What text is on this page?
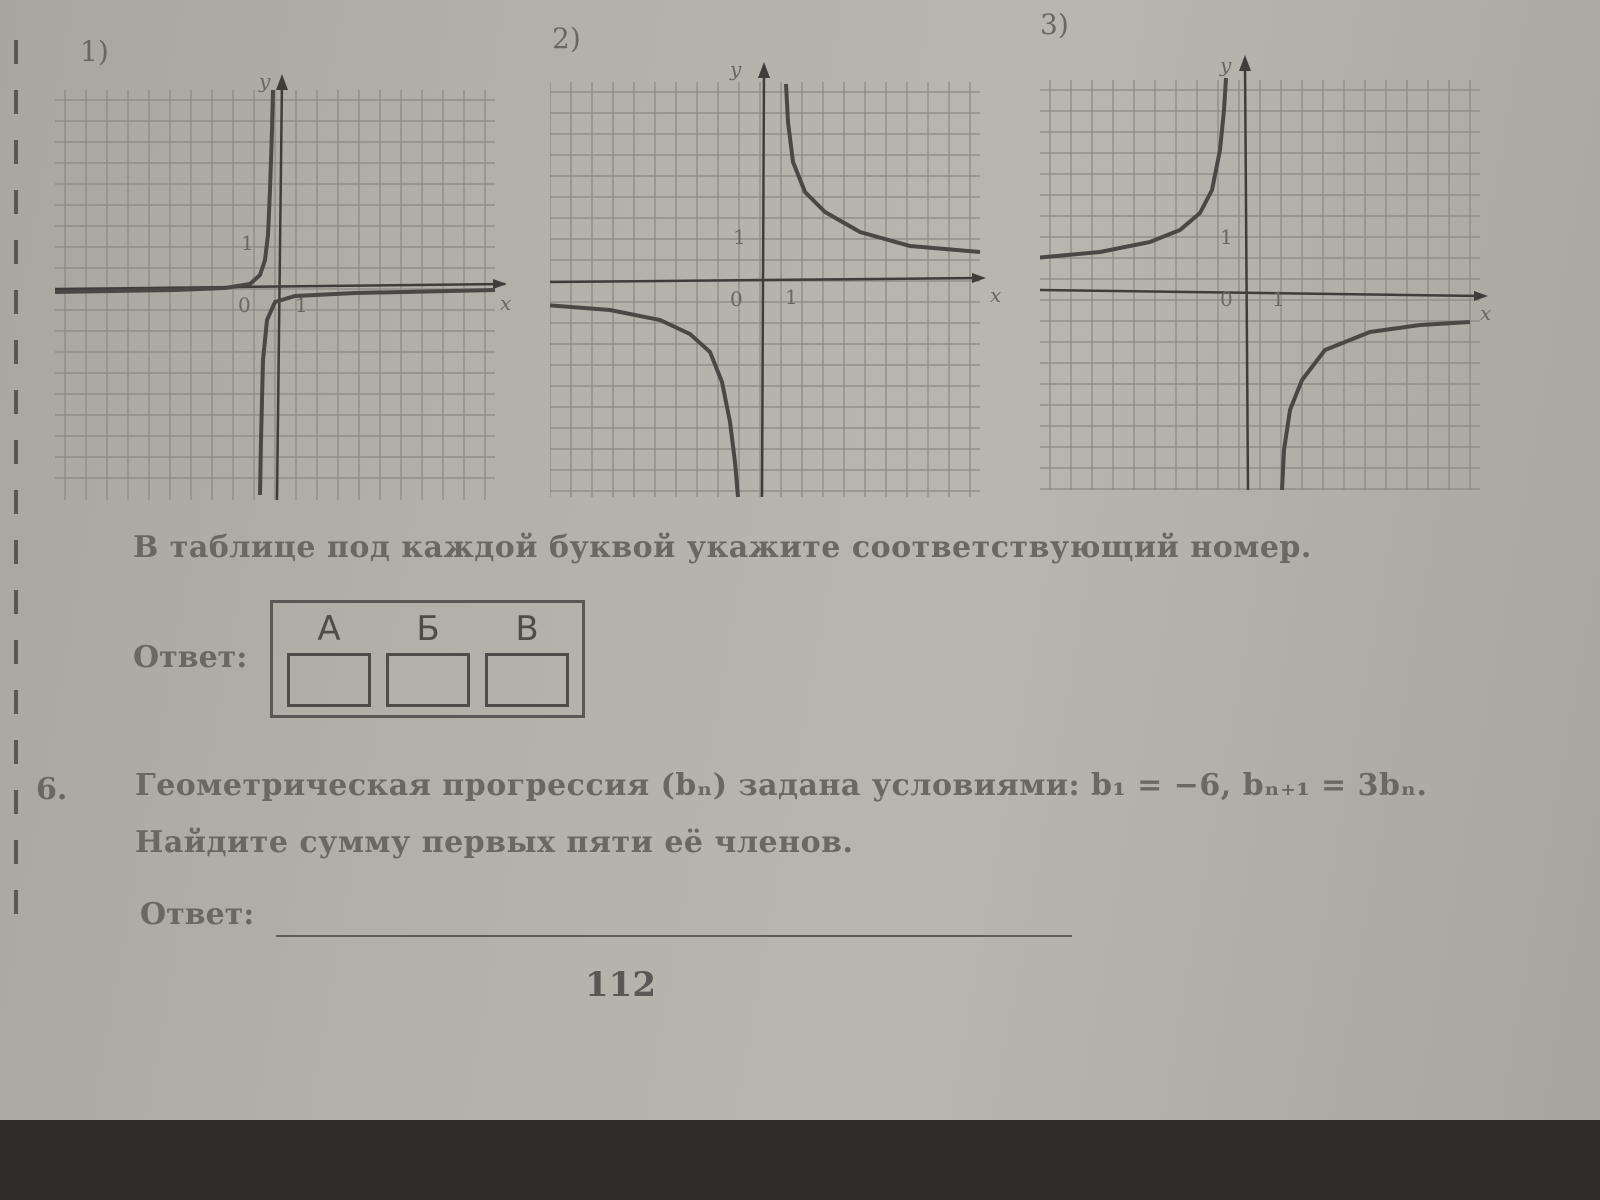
1)
x
y
0
1
1
2)
x
y
0
1
1
3)
x
y
0
1
1
В таблице под каждой буквой укажите соответствующий номер.
Ответ:
А	Б	В
6. Геометрическая прогрессия (bₙ) задана условиями: b₁ = −6, bₙ₊₁ = 3bₙ.
Найдите сумму первых пяти её членов.
Ответ:
112
